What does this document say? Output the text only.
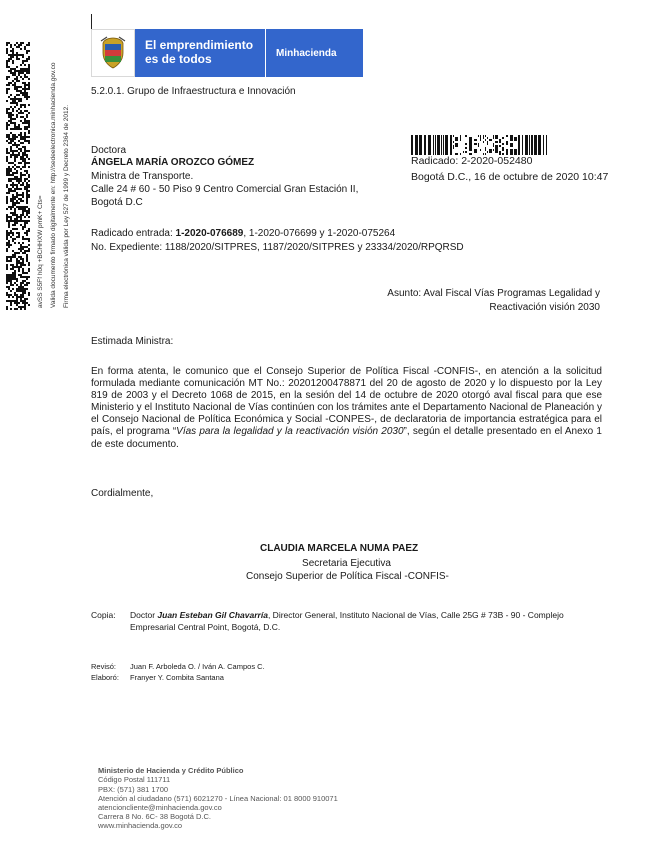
avSS S5Ff h0q +BCHHXW pmK+ Cts= Valida documento firmado digitalmente en: http://sedeelectronica.minhacienda.gov.co Firma electrónica válida por Ley 527 de 1999 y Decreto 2364 de 2012.
El emprendimiento
es de todos	Minhacienda
5.2.0.1. Grupo de Infraestructura e Innovación
Doctora
ÁNGELA MARÍA OROZCO GÓMEZ
Ministra de Transporte.
Calle 24 # 60 - 50 Piso 9 Centro Comercial Gran Estación II,
Bogotá D.C
Radicado: 2-2020-052480
Bogotá D.C., 16 de octubre de 2020 10:47
Radicado entrada: 1-2020-076689, 1-2020-076699 y 1-2020-075264
No. Expediente: 1188/2020/SITPRES, 1187/2020/SITPRES y 23334/2020/RPQRSD
Asunto: Aval Fiscal Vías Programas Legalidad y
Reactivación visión 2030
Estimada Ministra:
En forma atenta, le comunico que el Consejo Superior de Política Fiscal -CONFIS-, en atención a la solicitud formulada mediante comunicación MT No.: 20201200478871 del 20 de agosto de 2020 y lo dispuesto por la Ley 819 de 2003 y el Decreto 1068 de 2015, en la sesión del 14 de octubre de 2020 otorgó aval fiscal para que ese Ministerio y el Instituto Nacional de Vías continúen con los trámites ante el Departamento Nacional de Planeación y el Consejo Nacional de Política Económica y Social -CONPES-, de declaratoria de importancia estratégica para el país, el programa “Vías para la legalidad y la reactivación visión 2030”, según el detalle presentado en el Anexo 1 de este documento.
Cordialmente,
CLAUDIA MARCELA NUMA PAEZ
Secretaria Ejecutiva
Consejo Superior de Política Fiscal -CONFIS-
Copia: Doctor Juan Esteban Gil Chavarría, Director General, Instituto Nacional de Vías, Calle 25G # 73B - 90 - Complejo
Empresarial Central Point, Bogotá, D.C.
Revisó: Juan F. Arboleda O. / Iván A. Campos C.
Elaboró: Franyer Y. Combita Santana
Ministerio de Hacienda y Crédito Público
Código Postal 111711
PBX: (571) 381 1700
Atención al ciudadano (571) 6021270 - Línea Nacional: 01 8000 910071
atencioncliente@minhacienda.gov.co
Carrera 8 No. 6C- 38 Bogotá D.C.
www.minhacienda.gov.co
